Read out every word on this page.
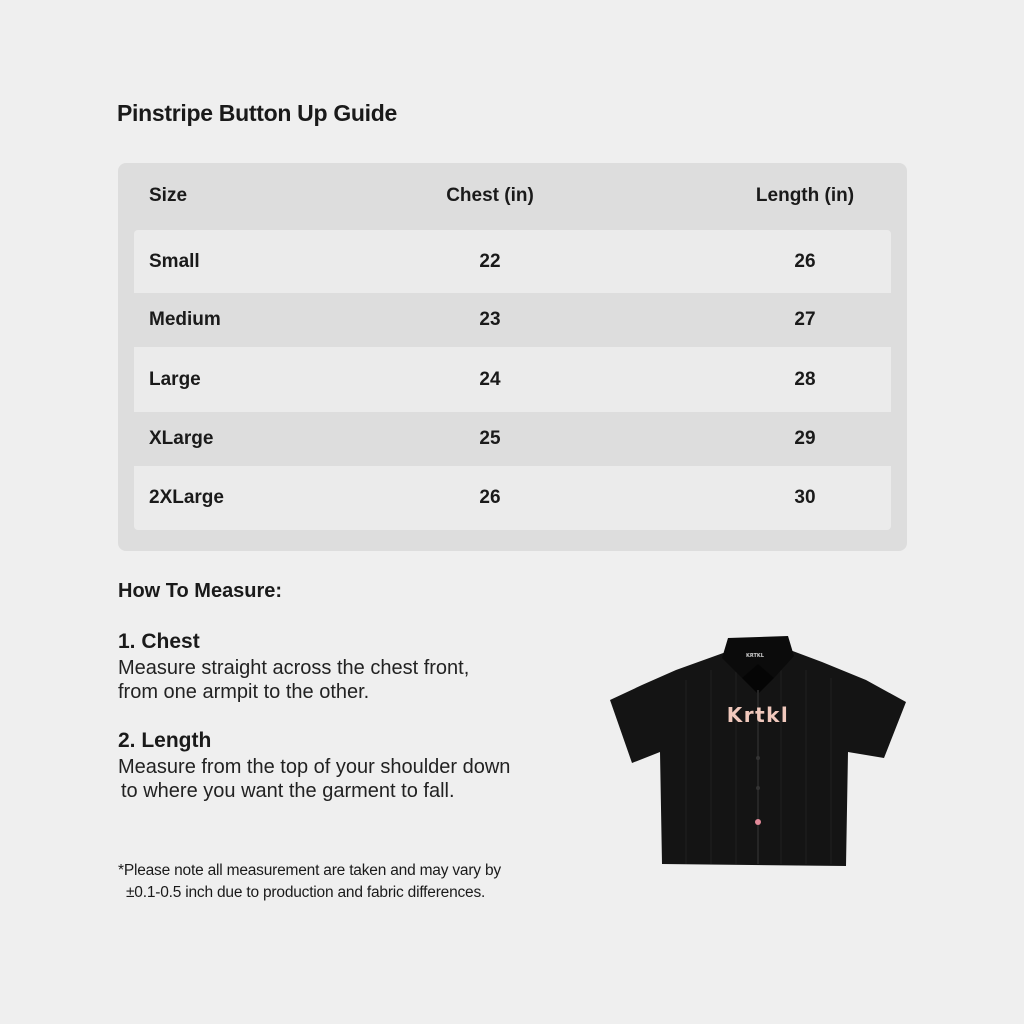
Pinstripe Button Up Guide
Size	Chest (in)	Length (in)
Small	22	26
Medium	23	27
Large	24	28
XLarge	25	29
2XLarge	26	30
How To Measure:
1. Chest
Measure straight across the chest front,
from one armpit to the other.
2. Length
Measure from the top of your shoulder down
to where you want the garment to fall.
*Please note all measurement are taken and may vary by
±0.1-0.5 inch due to production and fabric differences.
KRTKL
Krtkl
